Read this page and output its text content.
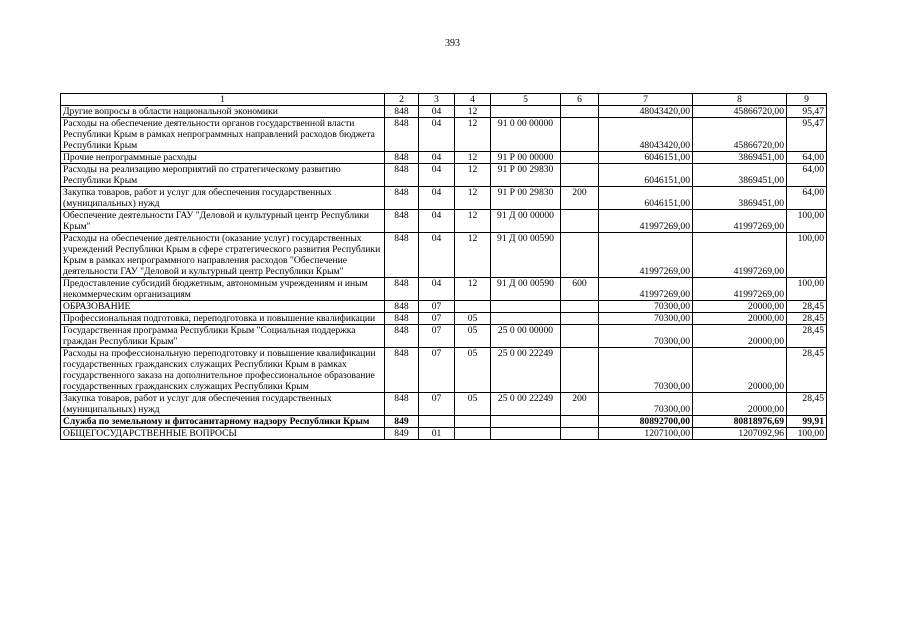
393
1	2	3	4	5	6	7	8	9
Другие вопросы в области национальной экономики	848	04	12			48043420,00	45866720,00	95,47
Расходы на обеспечение деятельности органов государственной власти Республики Крым в рамках непрограммных направлений расходов бюджета Республики Крым	848	04	12	91 0 00 00000		48043420,00	45866720,00	95,47
Прочие непрограммные расходы	848	04	12	91 Р 00 00000		6046151,00	3869451,00	64,00
Расходы на реализацию мероприятий по стратегическому развитию Республики Крым	848	04	12	91 Р 00 29830		6046151,00	3869451,00	64,00
Закупка товаров, работ и услуг для обеспечения государственных (муниципальных) нужд	848	04	12	91 Р 00 29830	200	6046151,00	3869451,00	64,00
Обеспечение деятельности ГАУ "Деловой и культурный центр Республики Крым"	848	04	12	91 Д 00 00000		41997269,00	41997269,00	100,00
Расходы на обеспечение деятельности (оказание услуг) государственных учреждений Республики Крым в сфере стратегического развития Республики Крым в рамках непрограммного направления расходов "Обеспечение деятельности ГАУ "Деловой и культурный центр Республики Крым"	848	04	12	91 Д 00 00590		41997269,00	41997269,00	100,00
Предоставление субсидий бюджетным, автономным учреждениям и иным некоммерческим организациям	848	04	12	91 Д 00 00590	600	41997269,00	41997269,00	100,00
ОБРАЗОВАНИЕ	848	07				70300,00	20000,00	28,45
Профессиональная подготовка, переподготовка и повышение квалификации	848	07	05			70300,00	20000,00	28,45
Государственная программа Республики Крым "Социальная поддержка граждан Республики Крым"	848	07	05	25 0 00 00000		70300,00	20000,00	28,45
Расходы на профессиональную переподготовку и повышение квалификации государственных гражданских служащих Республики Крым в рамках государственного заказа на дополнительное профессиональное образование государственных гражданских служащих Республики Крым	848	07	05	25 0 00 22249		70300,00	20000,00	28,45
Закупка товаров, работ и услуг для обеспечения государственных (муниципальных) нужд	848	07	05	25 0 00 22249	200	70300,00	20000,00	28,45
Служба по земельному и фитосанитарному надзору Республики Крым	849					80892700,00	80818976,69	99,91
ОБЩЕГОСУДАРСТВЕННЫЕ ВОПРОСЫ	849	01				1207100,00	1207092,96	100,00
